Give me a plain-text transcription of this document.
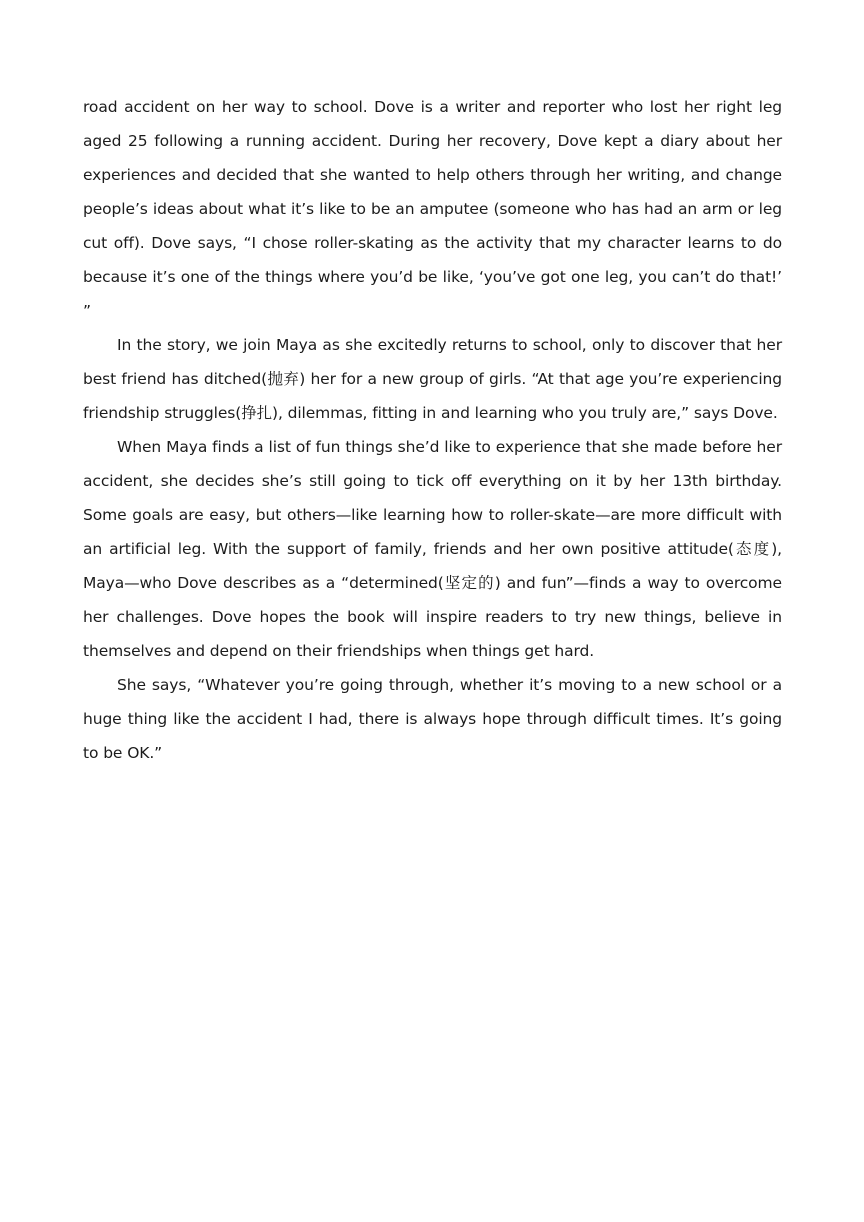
road accident on her way to school. Dove is a writer and reporter who lost her right leg aged 25 following a running accident. During her recovery, Dove kept a diary about her experiences and decided that she wanted to help others through her writing, and change people’s ideas about what it’s like to be an amputee (someone who has had an arm or leg cut off). Dove says, “I chose roller-skating as the activity that my character learns to do because it’s one of the things where you’d be like, ‘you’ve got one leg, you can’t do that!’ ”

In the story, we join Maya as she excitedly returns to school, only to discover that her best friend has ditched(抛弃) her for a new group of girls. “At that age you’re experiencing friendship struggles(挣扎), dilemmas, fitting in and learning who you truly are,” says Dove.

When Maya finds a list of fun things she’d like to experience that she made before her accident, she decides she’s still going to tick off everything on it by her 13th birthday. Some goals are easy, but others—like learning how to roller-skate—are more difficult with an artificial leg. With the support of family, friends and her own positive attitude(态度), Maya—who Dove describes as a “determined(坚定的) and fun”—finds a way to overcome her challenges. Dove hopes the book will inspire readers to try new things, believe in themselves and depend on their friendships when things get hard.

She says, “Whatever you’re going through, whether it’s moving to a new school or a huge thing like the accident I had, there is always hope through difficult times. It’s going to be OK.”
